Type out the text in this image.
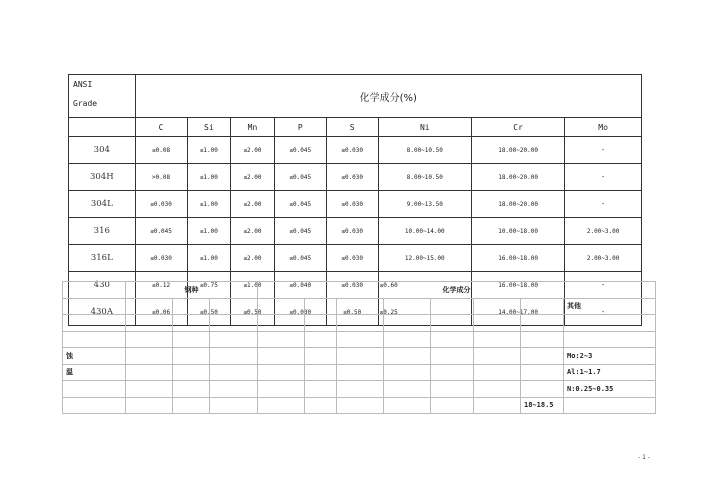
ANSI
Grade	化学成分(%)							
	C	Si	Mn	P	S	Ni	Cr	Mo
304	≤0.08	≤1.00	≤2.00	≤0.045	≤0.030	8.00~10.50	18.00~20.00	-
304H	>0.08	≤1.00	≤2.00	≤0.045	≤0.030	8.00~10.50	18.00~20.00	-
304L	≤0.030	≤1.00	≤2.00	≤0.045	≤0.030	9.00~13.50	18.00~20.00	-
316	≤0.045	≤1.00	≤2.00	≤0.045	≤0.030	10.00~14.00	10.00~18.00	2.00~3.00
316L	≤0.030	≤1.00	≤2.00	≤0.045	≤0.030	12.00~15.00	16.00~18.00	2.00~3.00
430	≤0.12	≤0.75	≤1.00	≤0.040	≤0.030	≤0.60	16.00~18.00	-
430A	≤0.06	≤0.50	≤0.50	≤0.030	≤0.50	≤0.25	14.00~17.00	-
	钢种			化学成分							
											其他

蚀											Mo:2~3
温											Al:1~1.7
											N:0.25~0.35
										18~18.5	
- 1 -
